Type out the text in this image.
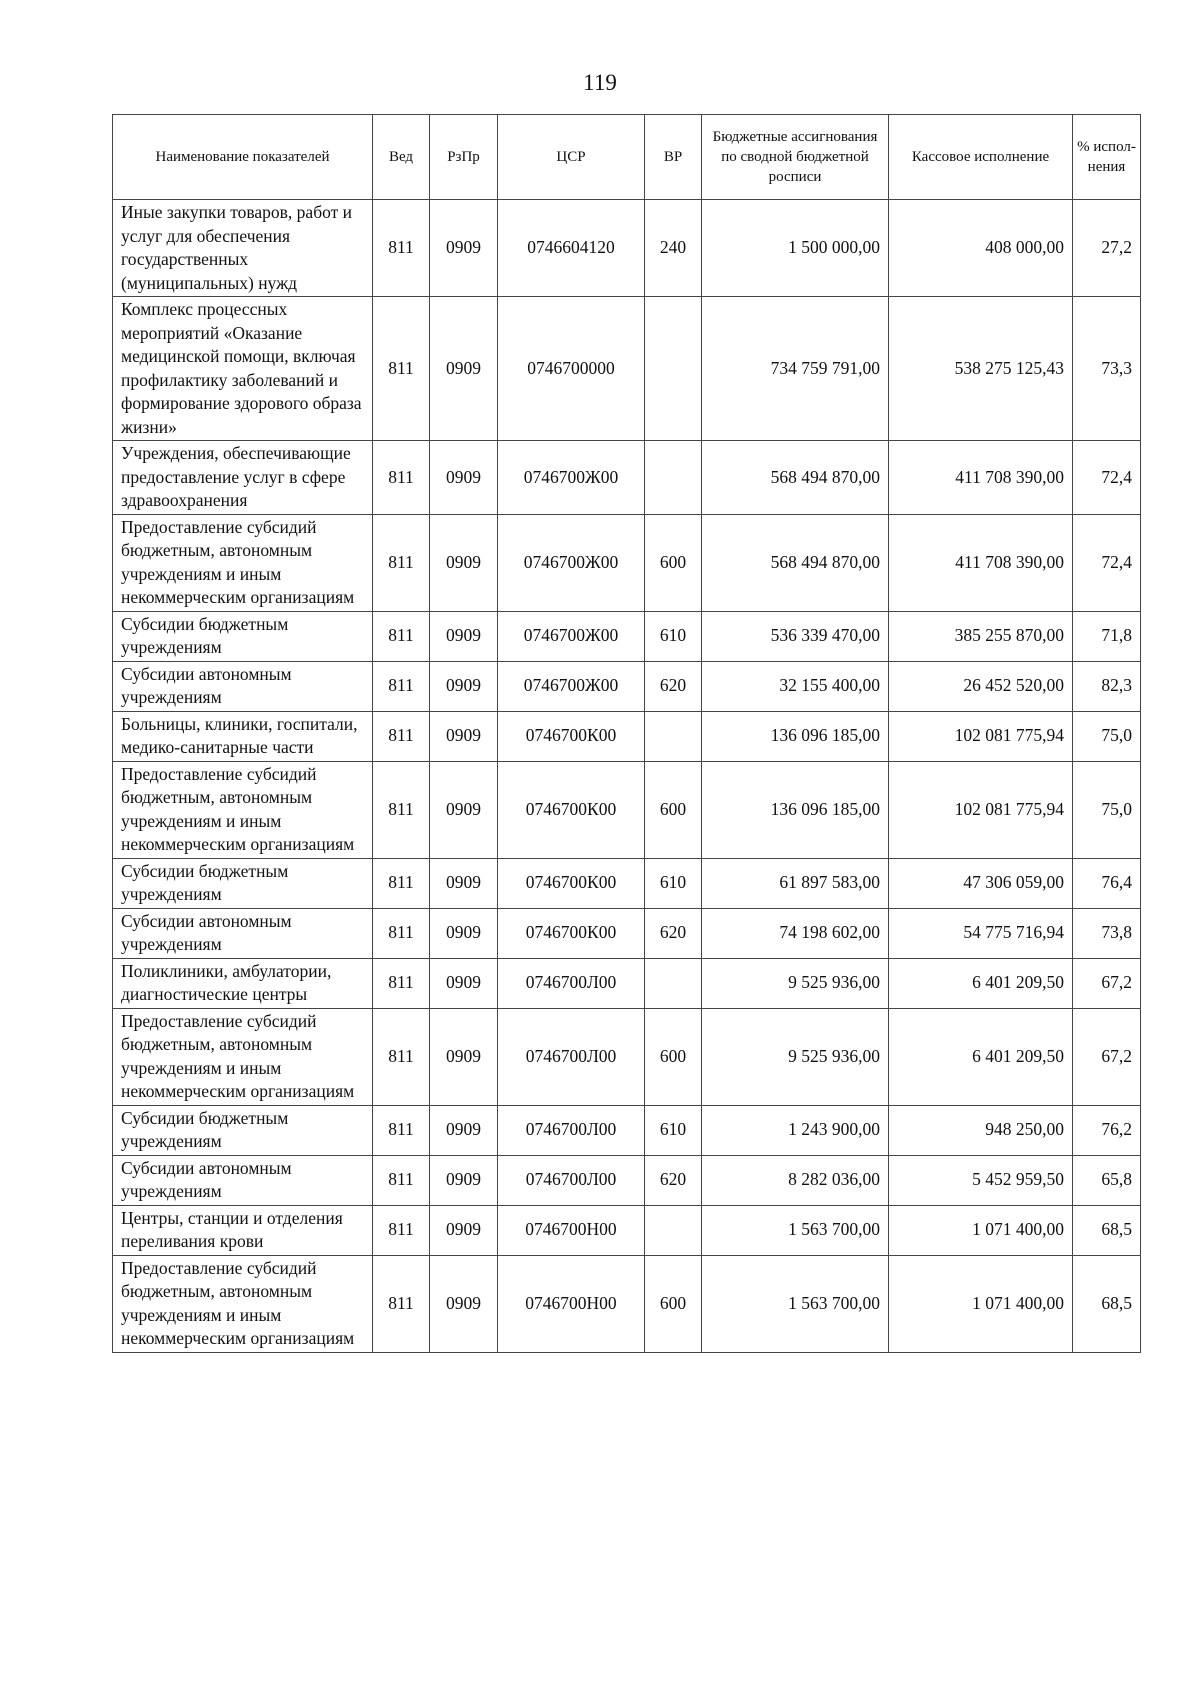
119
Наименование показателей	Вед	РзПр	ЦСР	ВР	Бюджетные ассигнования по сводной бюджетной росписи	Кассовое исполнение	% испол-нения
Иные закупки товаров, работ и услуг для обеспечения государственных (муниципальных) нужд	811	0909	0746604120	240	1 500 000,00	408 000,00	27,2
Комплекс процессных мероприятий «Оказание медицинской помощи, включая профилактику заболеваний и формирование здорового образа жизни»	811	0909	0746700000		734 759 791,00	538 275 125,43	73,3
Учреждения, обеспечивающие предоставление услуг в сфере здравоохранения	811	0909	0746700Ж00		568 494 870,00	411 708 390,00	72,4
Предоставление субсидий бюджетным, автономным учреждениям и иным некоммерческим организациям	811	0909	0746700Ж00	600	568 494 870,00	411 708 390,00	72,4
Субсидии бюджетным учреждениям	811	0909	0746700Ж00	610	536 339 470,00	385 255 870,00	71,8
Субсидии автономным учреждениям	811	0909	0746700Ж00	620	32 155 400,00	26 452 520,00	82,3
Больницы, клиники, госпитали, медико-санитарные части	811	0909	0746700К00		136 096 185,00	102 081 775,94	75,0
Предоставление субсидий бюджетным, автономным учреждениям и иным некоммерческим организациям	811	0909	0746700К00	600	136 096 185,00	102 081 775,94	75,0
Субсидии бюджетным учреждениям	811	0909	0746700К00	610	61 897 583,00	47 306 059,00	76,4
Субсидии автономным учреждениям	811	0909	0746700К00	620	74 198 602,00	54 775 716,94	73,8
Поликлиники, амбулатории, диагностические центры	811	0909	0746700Л00		9 525 936,00	6 401 209,50	67,2
Предоставление субсидий бюджетным, автономным учреждениям и иным некоммерческим организациям	811	0909	0746700Л00	600	9 525 936,00	6 401 209,50	67,2
Субсидии бюджетным учреждениям	811	0909	0746700Л00	610	1 243 900,00	948 250,00	76,2
Субсидии автономным учреждениям	811	0909	0746700Л00	620	8 282 036,00	5 452 959,50	65,8
Центры, станции и отделения переливания крови	811	0909	0746700Н00		1 563 700,00	1 071 400,00	68,5
Предоставление субсидий бюджетным, автономным учреждениям и иным некоммерческим организациям	811	0909	0746700Н00	600	1 563 700,00	1 071 400,00	68,5
